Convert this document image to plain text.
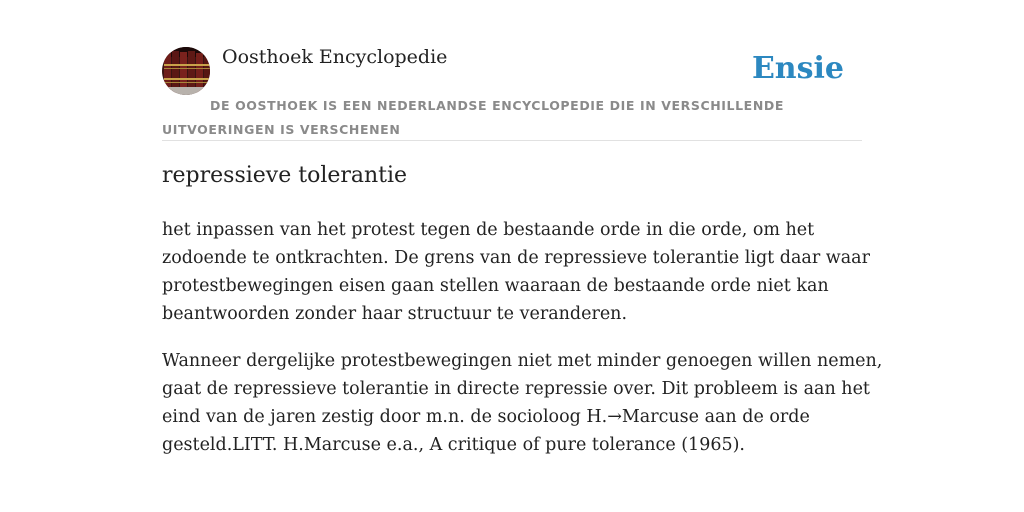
Oosthoek Encyclopedie	Ensie

DE OOSTHOEK IS EEN NEDERLANDSE ENCYCLOPEDIE DIE IN VERSCHILLENDE UITVOERINGEN IS VERSCHENEN

repressieve tolerantie

het inpassen van het protest tegen de bestaande orde in die orde, om het
zodoende te ontkrachten. De grens van de repressieve tolerantie ligt daar waar
protestbewegingen eisen gaan stellen waaraan de bestaande orde niet kan
beantwoorden zonder haar structuur te veranderen.

Wanneer dergelijke protestbewegingen niet met minder genoegen willen nemen,
gaat de repressieve tolerantie in directe repressie over. Dit probleem is aan het
eind van de jaren zestig door m.n. de socioloog H.→Marcuse aan de orde
gesteld.LITT. H.Marcuse e.a., A critique of pure tolerance (1965).
